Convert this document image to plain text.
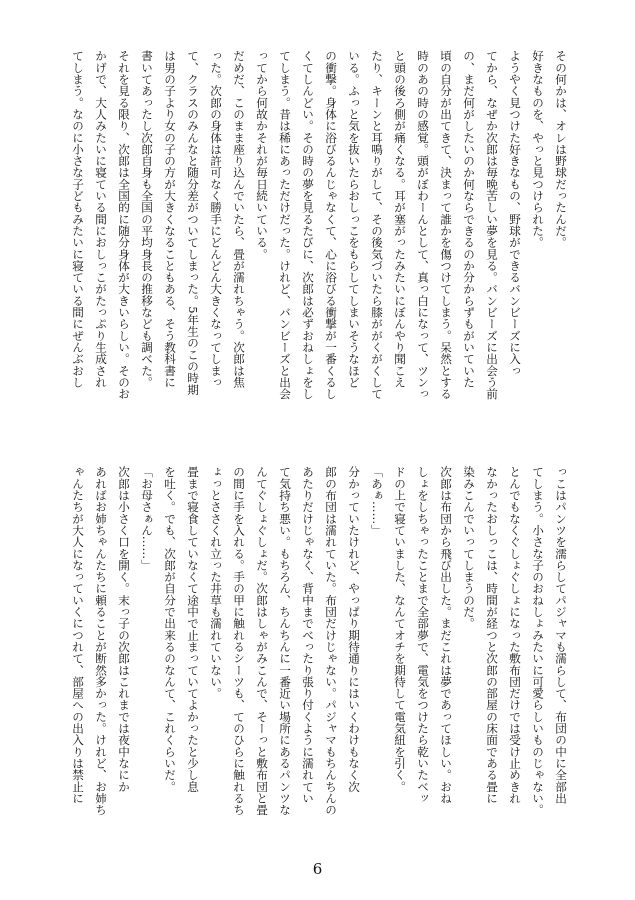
その何かは、オレは野球だったんだ。

好きなものを、やっと見つけられた。

ようやく見つけた好きなもの、野球ができるバンビーズに入っ

てから、なぜか次郎は毎晩苦しい夢を見る。バンビーズに出会う前

の、まだ何がしたいのか何ならできるのか分からずもがいていた

頃の自分が出てきて、決まって誰かを傷つけてしまう。呆然とする

時のあの時の感覚。頭がぼわーんとして、真っ白になって、ツンっ

と頭の後ろ側が痛くなる。耳が塞がったみたいにぼんやり聞こえ

たり、キーンと耳鳴りがして、その後気づいたら膝ががくがくして

いる。ふっと気を抜いたらおしっこをもらしてしまいそうなほど

の衝撃。身体に浴びるんじゃなくて、心に浴びる衝撃が一番くるし

くてしんどい。その時の夢を見るたびに、次郎は必ずおねしょをし

てしまう。昔は稀にあっただけだった。けれど、バンビーズと出会

ってから何故かそれが毎日続いている。

だめだ、このまま座り込んでいたら、畳が濡れちゃう。次郎は焦

った。次郎の身体は許可なく勝手にどんどん大きくなってしまっ

て、クラスのみんなと随分差がついてしまった。5年生のこの時期

は男の子より女の子の方が大きくなることもある、そう教科書に

書いてあったし次郎自身も全国の平均身長の推移なども調べた。

それを見る限り、次郎は全国的に随分身体が大きいらしい。そのお

かげで、大人みたいに寝ている間におしっこがたっぷり生成され

てしまう。なのに小さな子どもみたいに寝ている間にぜんぶおし

っこはパンツを濡らしてパジャマも濡らして、布団の中に全部出

てしまう。小さな子のおねしょみたいに可愛らしいものじゃない。

とんでもなくぐしょぐしょになった敷布団だけでは受け止めきれ

なかったおしっこは、時間が経つと次郎の部屋の床面である畳に

染みこんでいってしまうのだ。

次郎は布団から飛び出した。まだこれは夢であってほしい。おね

しょをしちゃったことまで全部夢で、電気をつけたら乾いたベッ

ドの上で寝ていました、なんてオチを期待して電気紐を引く。

「あぁ……」

分かっていたけれど、やっぱり期待通りにはいくわけもなく次

郎の布団は濡れていた。布団だけじゃない。パジャマもちんちんの

あたりだけじゃなく、背中までべったり張り付くように濡れてい

て気持ち悪い。もちろん、ちんちんに一番近い場所にあるパンツな

んてぐしょぐしょだ。次郎はしゃがみこんで、そーっと敷布団と畳

の間に手を入れる。手の甲に触れるシーツも、てのひらに触れるち

ょっとささくれ立った井草も濡れていない。

畳まで寝食していなくて途中で止まっていてよかったと少し息

を吐く。でも、次郎が自分で出来るのなんて、これくらいだ。

「お母さぁん……」

次郎は小さく口を開く。末っ子の次郎はこれまでは夜中なにか

あればお姉ちゃんたちに頼ることが断然多かった。けれど、お姉ち

ゃんたちが大人になっていくにつれて、部屋への出入りは禁止に

6
